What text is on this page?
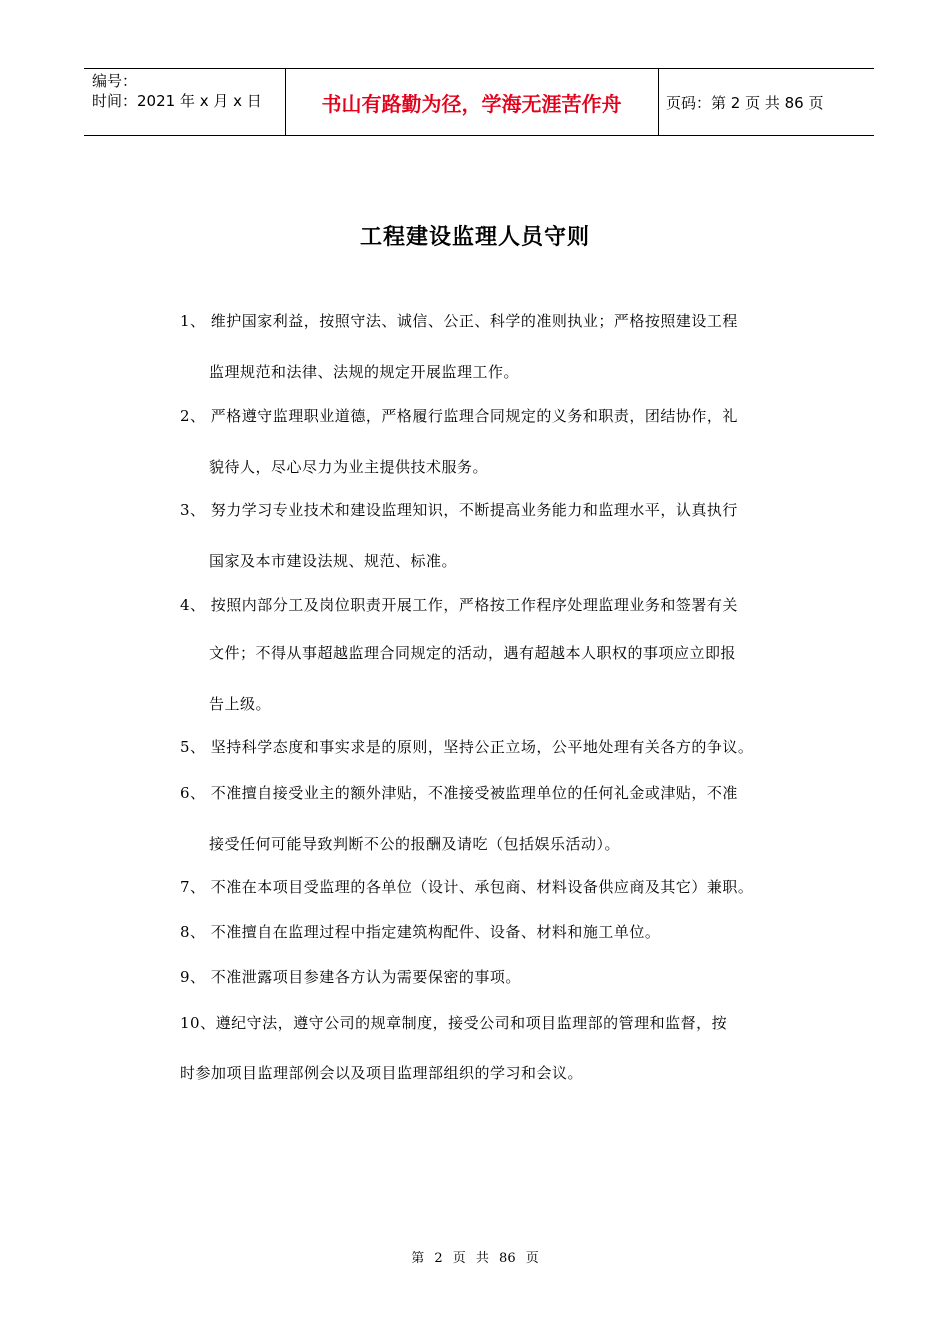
编号：
时间：2021 年 x 月 x 日	书山有路勤为径，学海无涯苦作舟	页码：第 2 页 共 86 页
工程建设监理人员守则
1、 维护国家利益，按照守法、诚信、公正、科学的准则执业；严格按照建设工程
监理规范和法律、法规的规定开展监理工作。
2、 严格遵守监理职业道德，严格履行监理合同规定的义务和职责，团结协作，礼
貌待人，尽心尽力为业主提供技术服务。
3、 努力学习专业技术和建设监理知识，不断提高业务能力和监理水平，认真执行
国家及本市建设法规、规范、标准。
4、 按照内部分工及岗位职责开展工作，严格按工作程序处理监理业务和签署有关
文件；不得从事超越监理合同规定的活动，遇有超越本人职权的事项应立即报
告上级。
5、 坚持科学态度和事实求是的原则，坚持公正立场，公平地处理有关各方的争议。
6、 不准擅自接受业主的额外津贴，不准接受被监理单位的任何礼金或津贴，不准
接受任何可能导致判断不公的报酬及请吃（包括娱乐活动）。
7、 不准在本项目受监理的各单位（设计、承包商、材料设备供应商及其它）兼职。
8、 不准擅自在监理过程中指定建筑构配件、设备、材料和施工单位。
9、 不准泄露项目参建各方认为需要保密的事项。
10、遵纪守法，遵守公司的规章制度，接受公司和项目监理部的管理和监督，按
时参加项目监理部例会以及项目监理部组织的学习和会议。
第 2 页 共 86 页
